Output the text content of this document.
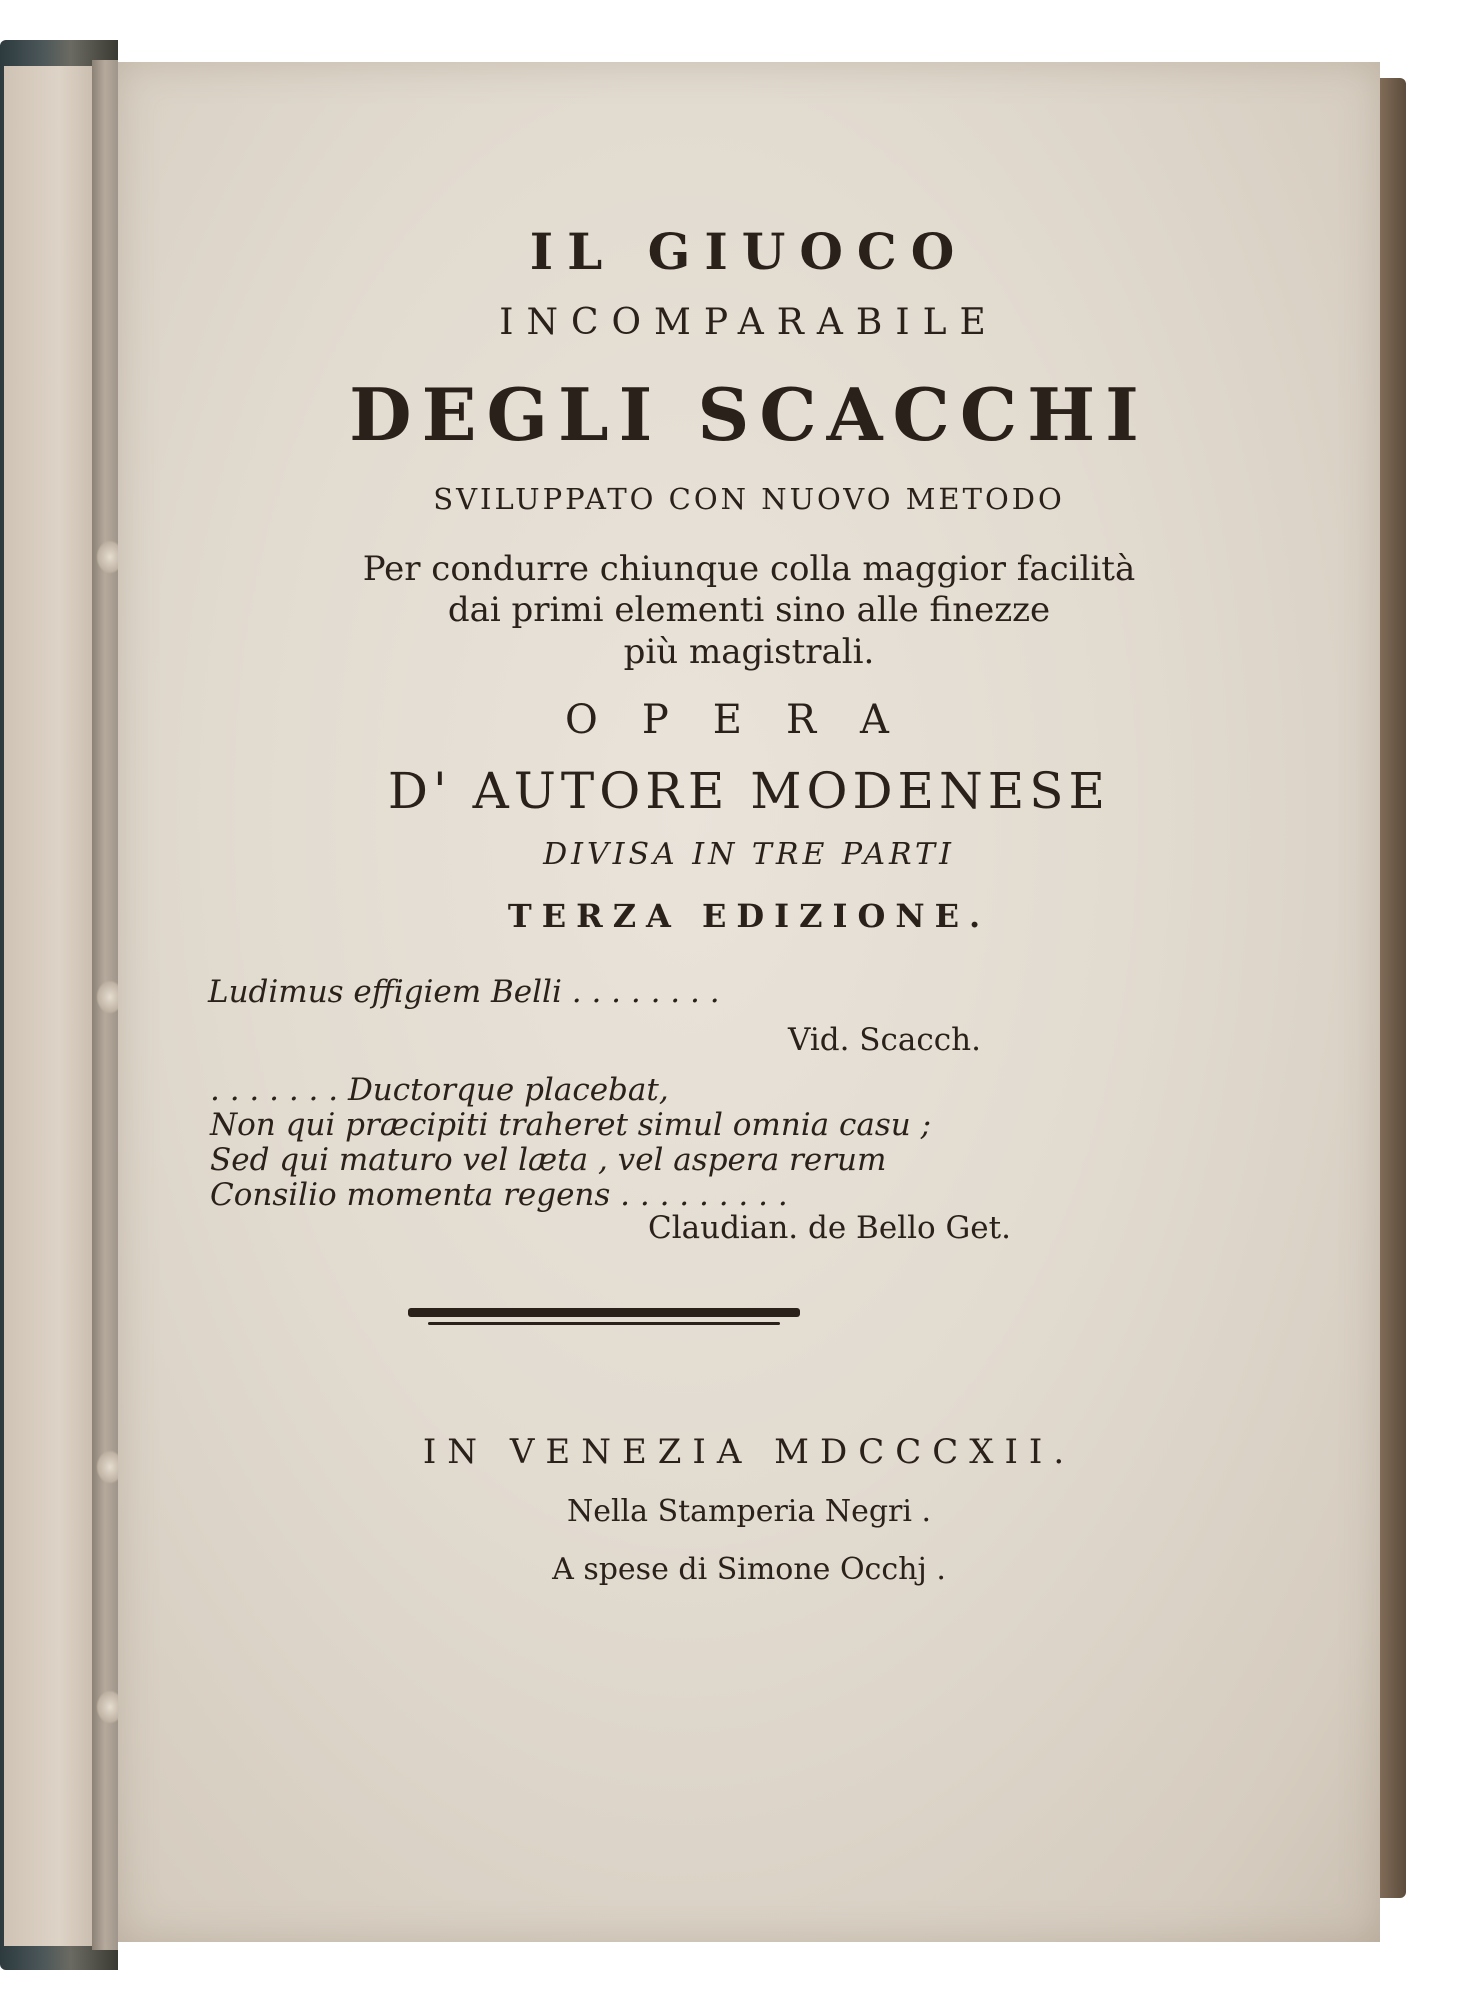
IL GIUOCO
INCOMPARABILE
DEGLI SCACCHI
SVILUPPATO CON NUOVO METODO
Per condurre chiunque colla maggior facilità
dai primi elementi sino alle finezze
più magistrali.
OPERA
D' AUTORE MODENESE
DIVISA IN TRE PARTI
TERZA EDIZIONE.
Ludimus effigiem Belli . . . . . . . .
Vid. Scacch.
. . . . . . . Ductorque placebat,
Non qui præcipiti traheret simul omnia casu ;
Sed qui maturo vel læta , vel aspera rerum
Consilio momenta regens . . . . . . . . .
Claudian. de Bello Get.
IN VENEZIA MDCCCXII.
Nella Stamperia Negri .
A spese di Simone Occhj .
